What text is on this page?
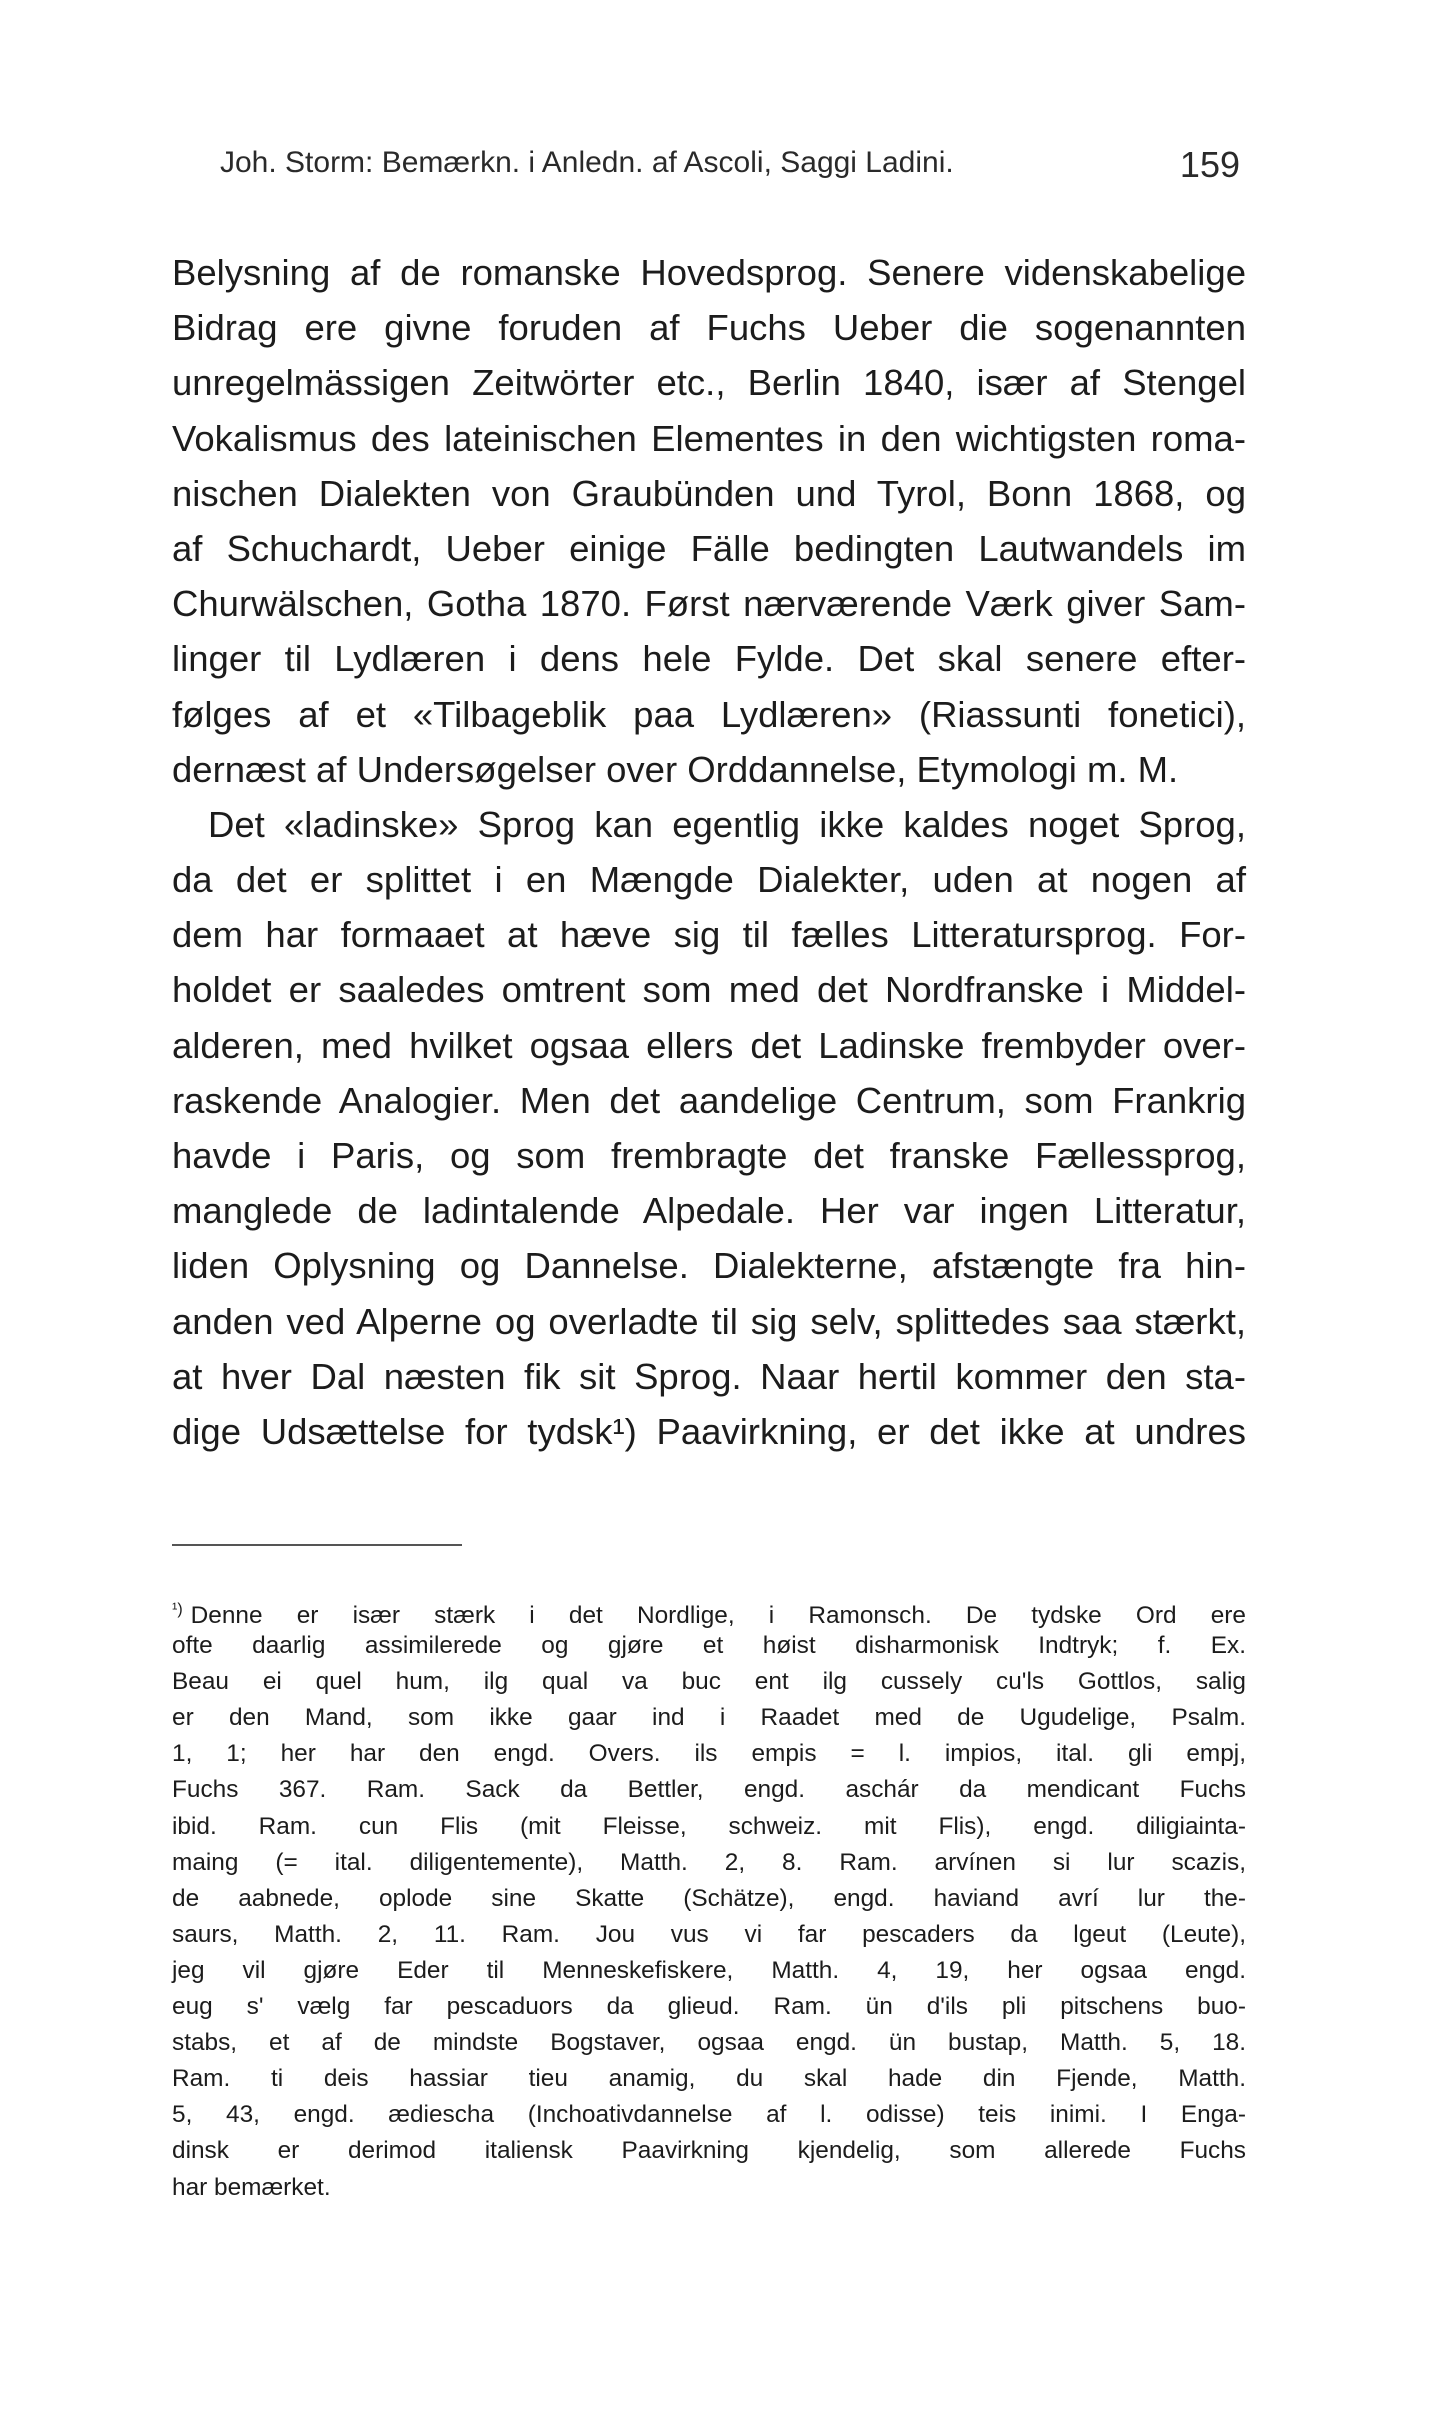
Joh. Storm: Bemærkn. i Anledn. af Ascoli, Saggi Ladini.	159
Belysning af de romanske Hovedsprog. Senere videnskabelige
Bidrag ere givne foruden af Fuchs Ueber die sogenannten
unregelmässigen Zeitwörter etc., Berlin 1840, især af Stengel
Vokalismus des lateinischen Elementes in den wichtigsten roma-
nischen Dialekten von Graubünden und Tyrol, Bonn 1868, og
af Schuchardt, Ueber einige Fälle bedingten Lautwandels im
Churwälschen, Gotha 1870. Først nærværende Værk giver Sam-
linger til Lydlæren i dens hele Fylde. Det skal senere efter-
følges af et «Tilbageblik paa Lydlæren» (Riassunti fonetici),
dernæst af Undersøgelser over Orddannelse, Etymologi m. M.
Det «ladinske» Sprog kan egentlig ikke kaldes noget Sprog,
da det er splittet i en Mængde Dialekter, uden at nogen af
dem har formaaet at hæve sig til fælles Litteratursprog. For-
holdet er saaledes omtrent som med det Nordfranske i Middel-
alderen, med hvilket ogsaa ellers det Ladinske frembyder over-
raskende Analogier. Men det aandelige Centrum, som Frankrig
havde i Paris, og som frembragte det franske Fællessprog,
manglede de ladintalende Alpedale. Her var ingen Litteratur,
liden Oplysning og Dannelse. Dialekterne, afstængte fra hin-
anden ved Alperne og overladte til sig selv, splittedes saa stærkt,
at hver Dal næsten fik sit Sprog. Naar hertil kommer den sta-
dige Udsættelse for tydsk¹) Paavirkning, er det ikke at undres
$^{^1)}$ Denne er især stærk i det Nordlige, i Ramonsch. De tydske Ord ere
ofte daarlig assimilerede og gjøre et høist disharmonisk Indtryk; f. Ex.
Beau ei quel hum, ilg qual va buc ent ilg cussely cu'ls Gottlos, salig
er den Mand, som ikke gaar ind i Raadet med de Ugudelige, Psalm.
1, 1; her har den engd. Overs. ils empis = l. impios, ital. gli empj,
Fuchs 367. Ram. Sack da Bettler, engd. aschár da mendicant Fuchs
ibid. Ram. cun Flis (mit Fleisse, schweiz. mit Flis), engd. diligiainta-
maing (= ital. diligentemente), Matth. 2, 8. Ram. arvínen si lur scazis,
de aabnede, oplode sine Skatte (Schätze), engd. haviand avrí lur the-
saurs, Matth. 2, 11. Ram. Jou vus vi far pescaders da lgeut (Leute),
jeg vil gjøre Eder til Menneskefiskere, Matth. 4, 19, her ogsaa engd.
eug s' vælg far pescaduors da glieud. Ram. ün d'ils pli pitschens buo-
stabs, et af de mindste Bogstaver, ogsaa engd. ün bustap, Matth. 5, 18.
Ram. ti deis hassiar tieu anamig, du skal hade din Fjende, Matth.
5, 43, engd. ædiescha (Inchoativdannelse af l. odisse) teis inimi. I Enga-
dinsk er derimod italiensk Paavirkning kjendelig, som allerede Fuchs
har bemærket.
